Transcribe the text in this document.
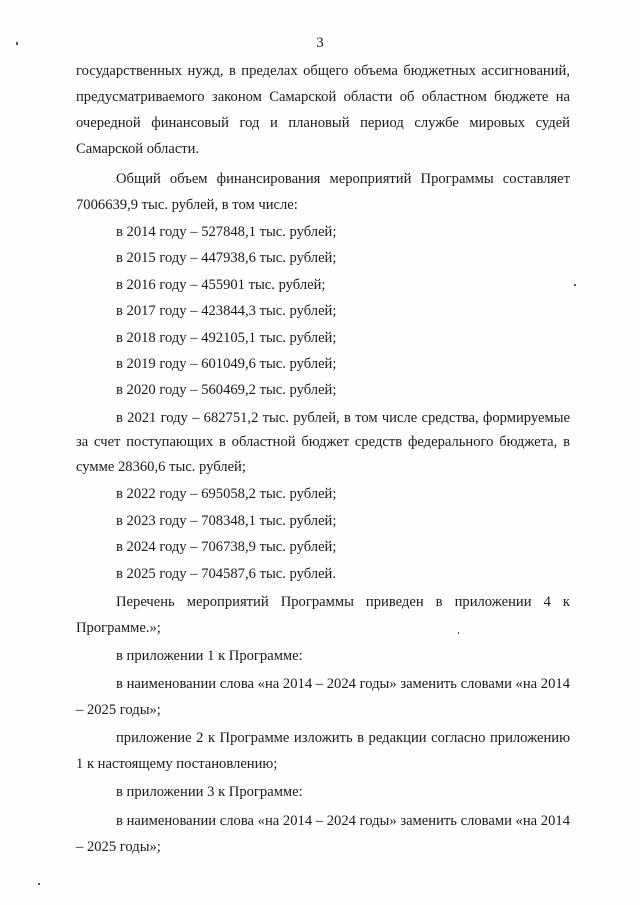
3

государственных нужд, в пределах общего объема бюджетных ассигнований, предусматриваемого законом Самарской области об областном бюджете на очередной финансовый год и плановый период службе мировых судей Самарской области.

Общий объем финансирования мероприятий Программы составляет 7006639,9 тыс. рублей, в том числе:

в 2014 году – 527848,1 тыс. рублей;

в 2015 году – 447938,6 тыс. рублей;

в 2016 году – 455901 тыс. рублей;

в 2017 году – 423844,3 тыс. рублей;

в 2018 году – 492105,1 тыс. рублей;

в 2019 году – 601049,6 тыс. рублей;

в 2020 году – 560469,2 тыс. рублей;

в 2021 году – 682751,2 тыс. рублей, в том числе средства, формируемые за счет поступающих в областной бюджет средств федерального бюджета, в сумме 28360,6 тыс. рублей;

в 2022 году – 695058,2 тыс. рублей;

в 2023 году – 708348,1 тыс. рублей;

в 2024 году – 706738,9 тыс. рублей;

в 2025 году – 704587,6 тыс. рублей.

Перечень мероприятий Программы приведен в приложении 4 к Программе.»;

в приложении 1 к Программе:

в наименовании слова «на 2014 – 2024 годы» заменить словами «на 2014 – 2025 годы»;

приложение 2 к Программе изложить в редакции согласно приложению 1 к настоящему постановлению;

в приложении 3 к Программе:

в наименовании слова «на 2014 – 2024 годы» заменить словами «на 2014 – 2025 годы»;
